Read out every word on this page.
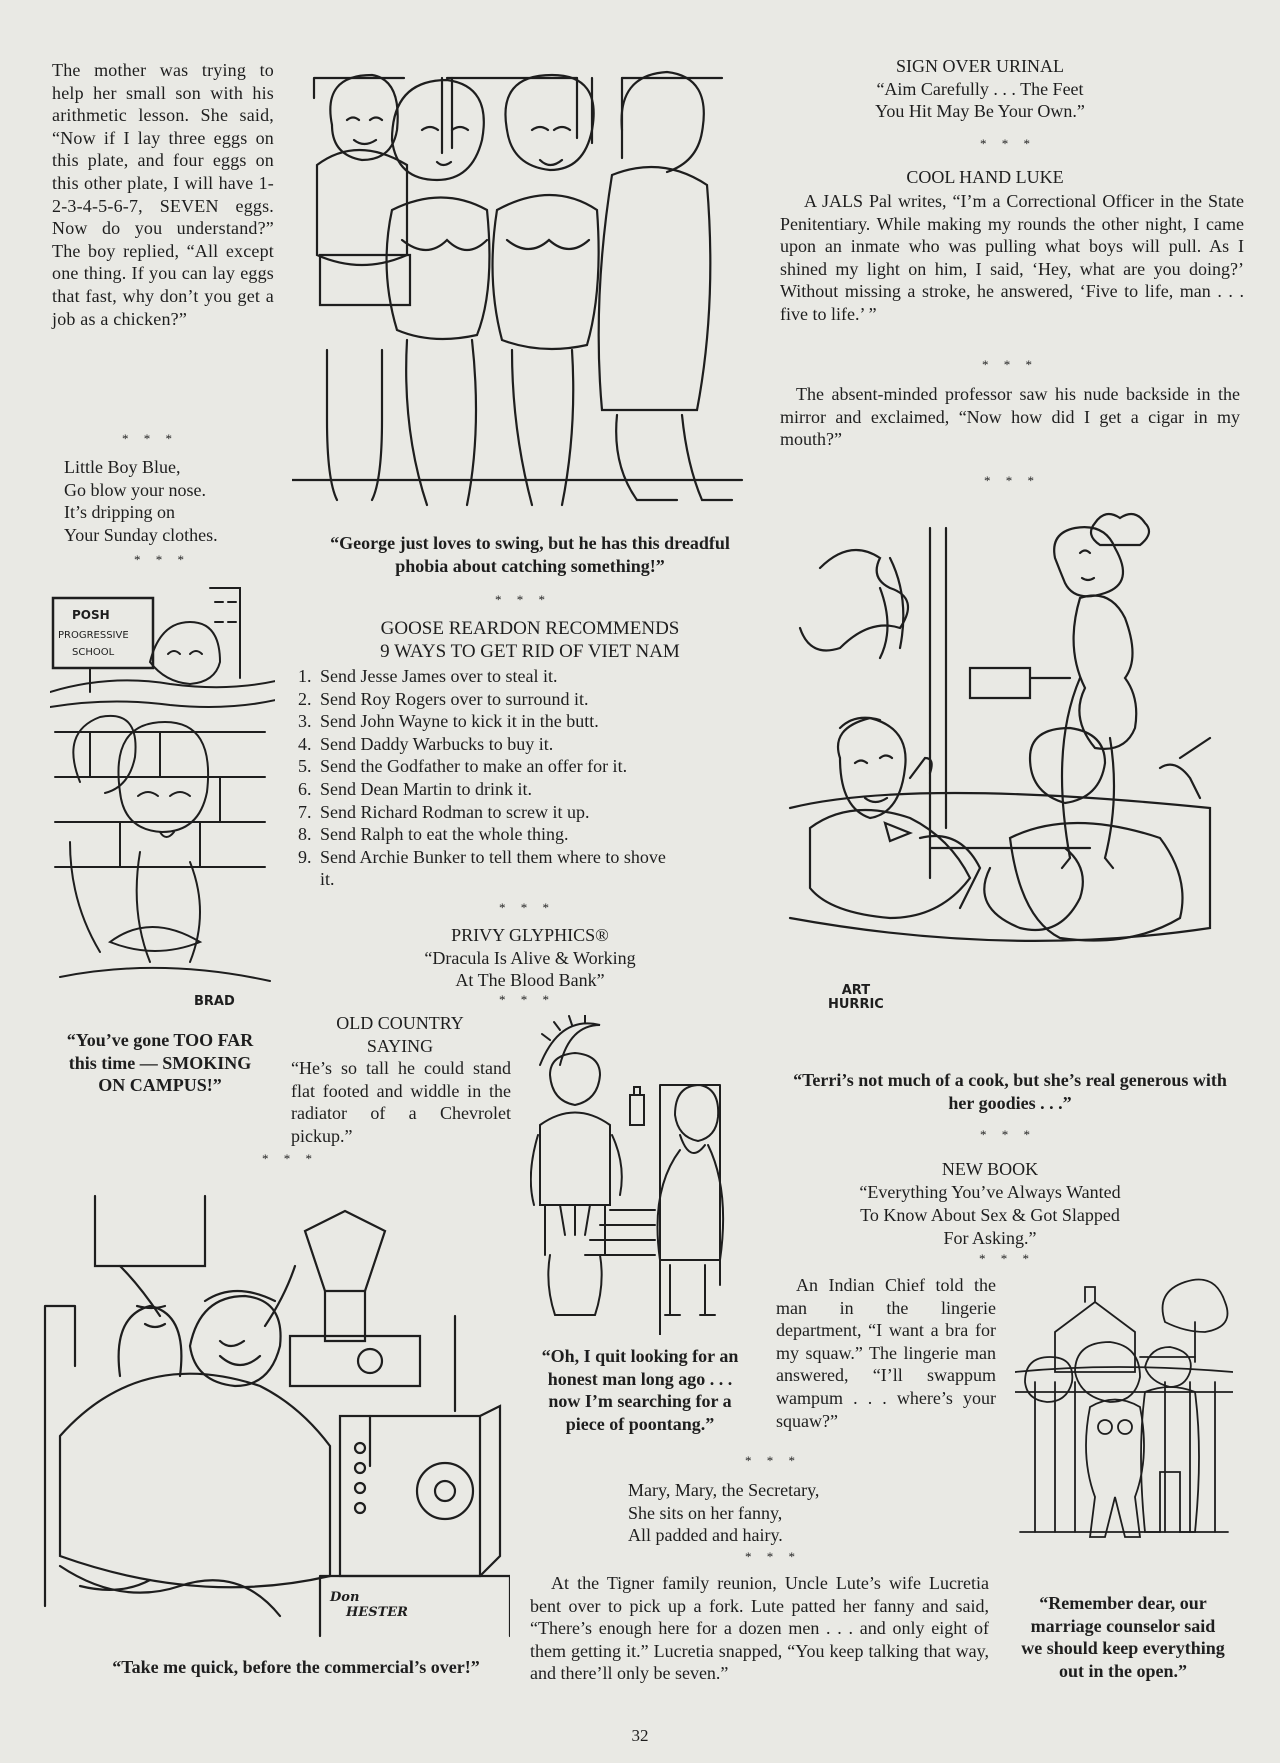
The mother was trying to help her small son with his arithmetic lesson. She said, “Now if I lay three eggs on this plate, and four eggs on this other plate, I will have 1-2-3-4-5-6-7, SEVEN eggs. Now do you understand?” The boy replied, “All except one thing. If you can lay eggs that fast, why don’t you get a job as a chicken?”
* * *
Little Boy Blue,
Go blow your nose.
It’s dripping on
Your Sunday clothes.
* * *
POSH
PROGRESSIVE
SCHOOL
BRAD
“You’ve gone TOO FAR this time — SMOKING ON CAMPUS!”
* * *
Don
HESTER
“Take me quick, before the commercial’s over!”
“George just loves to swing, but he has this dreadful phobia about catching something!”
* * *
GOOSE REARDON RECOMMENDS
9 WAYS TO GET RID OF VIET NAM
1. Send Jesse James over to steal it.
2. Send Roy Rogers over to surround it.
3. Send John Wayne to kick it in the butt.
4. Send Daddy Warbucks to buy it.
5. Send the Godfather to make an offer for it.
6. Send Dean Martin to drink it.
7. Send Richard Rodman to screw it up.
8. Send Ralph to eat the whole thing.
9. Send Archie Bunker to tell them where to shove it.
* * *
PRIVY GLYPHICS®
“Dracula Is Alive & Working
At The Blood Bank”
* * *
OLD COUNTRY
SAYING
“He’s so tall he could stand flat footed and widdle in the radiator of a Chevrolet pickup.”
“Oh, I quit looking for an honest man long ago . . . now I’m searching for a piece of poontang.”
* * *
Mary, Mary, the Secretary,
She sits on her fanny,
All padded and hairy.
* * *
At the Tigner family reunion, Uncle Lute’s wife Lucretia bent over to pick up a fork. Lute patted her fanny and said, “There’s enough here for a dozen men . . . and only eight of them getting it.” Lucretia snapped, “You keep talking that way, and there’ll only be seven.”
SIGN OVER URINAL
“Aim Carefully . . . The Feet
You Hit May Be Your Own.”
* * *
COOL HAND LUKE
A JALS Pal writes, “I’m a Correctional Officer in the State Penitentiary. While making my rounds the other night, I came upon an inmate who was pulling what boys will pull. As I shined my light on him, I said, ‘Hey, what are you doing?’ Without missing a stroke, he answered, ‘Five to life, man . . . five to life.’ ”
* * *
The absent-minded professor saw his nude backside in the mirror and exclaimed, “Now how did I get a cigar in my mouth?”
* * *
ART
HURRIC
“Terri’s not much of a cook, but she’s real generous with her goodies . . .”
* * *
NEW BOOK
“Everything You’ve Always Wanted
To Know About Sex & Got Slapped
For Asking.”
* * *
An Indian Chief told the man in the lingerie department, “I want a bra for my squaw.” The lingerie man answered, “I’ll swappum wampum . . . where’s your squaw?”
“Remember dear, our marriage counselor said we should keep everything out in the open.”
32
